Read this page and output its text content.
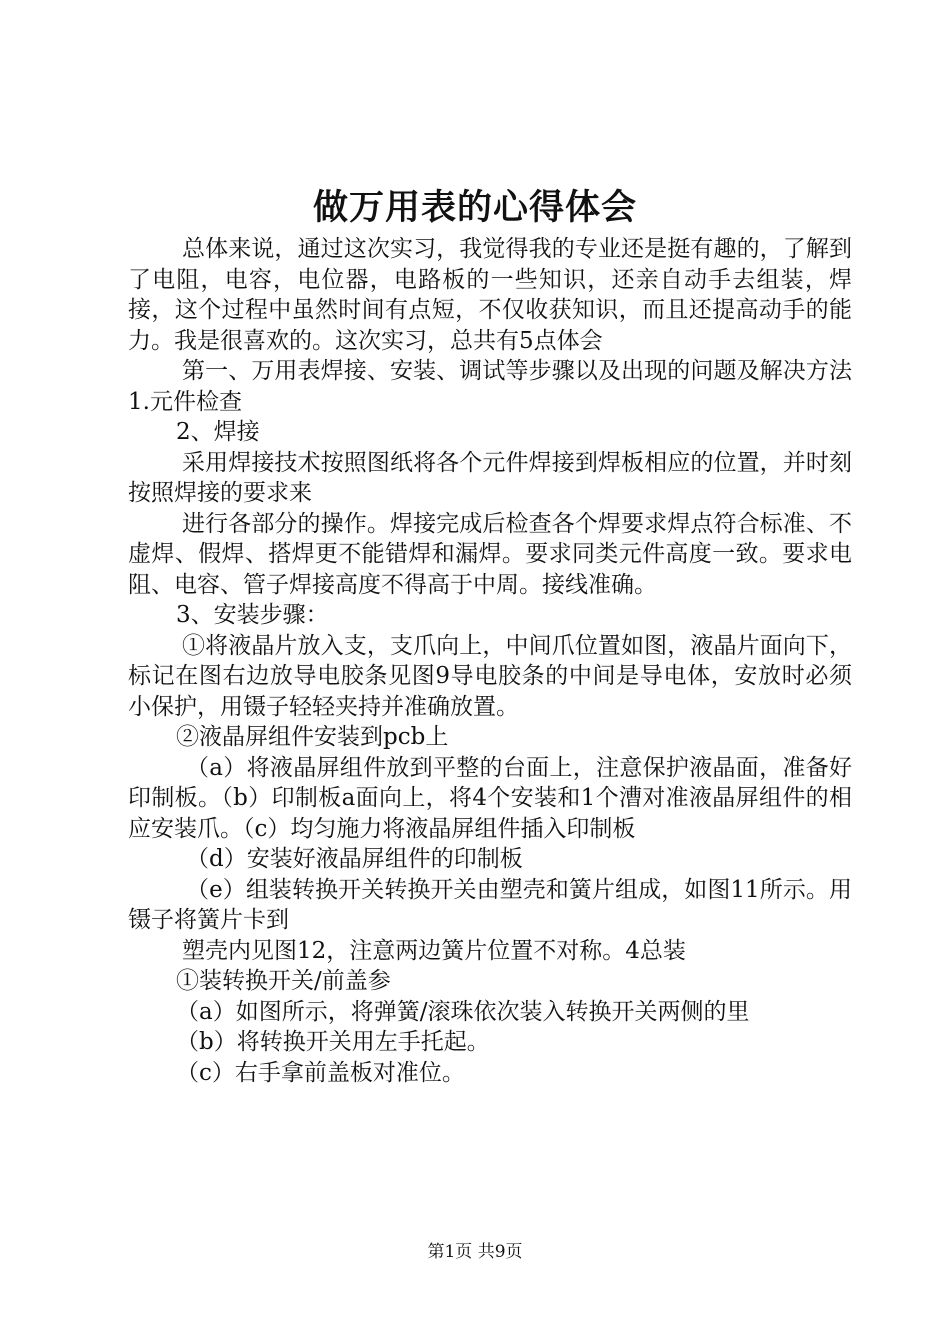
做万用表的心得体会

总体来说，通过这次实习，我觉得我的专业还是挺有趣的，了解到了电阻，电容，电位器，电路板的一些知识，还亲自动手去组装，焊接，这个过程中虽然时间有点短，不仅收获知识，而且还提高动手的能力。我是很喜欢的。这次实习，总共有5点体会

第一、万用表焊接、安装、调试等步骤以及出现的问题及解决方法1.元件检查

2、焊接

采用焊接技术按照图纸将各个元件焊接到焊板相应的位置，并时刻按照焊接的要求来

进行各部分的操作。焊接完成后检查各个焊要求焊点符合标准、不虚焊、假焊、搭焊更不能错焊和漏焊。要求同类元件高度一致。要求电阻、电容、管子焊接高度不得高于中周。接线准确。

3、安装步骤：

①将液晶片放入支，支爪向上，中间爪位置如图，液晶片面向下，标记在图右边放导电胶条见图9导电胶条的中间是导电体，安放时必须小保护，用镊子轻轻夹持并准确放置。

②液晶屏组件安装到pcb上

（a）将液晶屏组件放到平整的台面上，注意保护液晶面，准备好印制板。（b）印制板a面向上，将4个安装和1个漕对准液晶屏组件的相应安装爪。（c）均匀施力将液晶屏组件插入印制板

（d）安装好液晶屏组件的印制板

（e）组装转换开关转换开关由塑壳和簧片组成，如图11所示。用镊子将簧片卡到

塑壳内见图12，注意两边簧片位置不对称。4总装

①装转换开关/前盖参

（a）如图所示，将弹簧/滚珠依次装入转换开关两侧的里

（b）将转换开关用左手托起。

（c）右手拿前盖板对准位。

第1页 共9页
